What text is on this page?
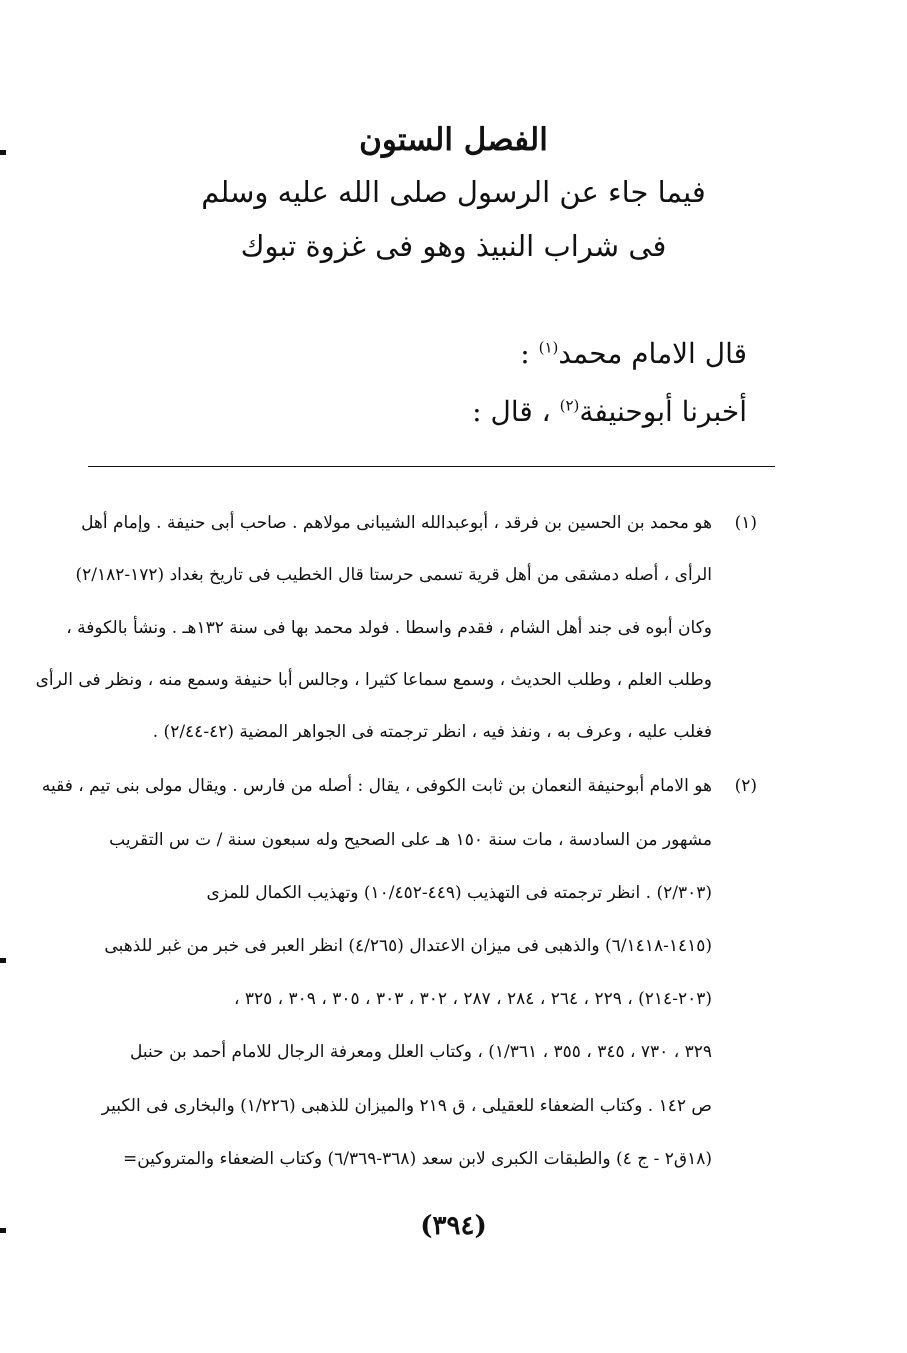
الفصل الستون
فيما جاء عن الرسول صلى الله عليه وسلم
فى شراب النبيذ وهو فى غزوة تبوك
قال الامام محمد$^{(١)}$ :
أخبرنا أبوحنيفة$^{(٢)}$ ، قال :
(١)
هو محمد بن الحسين بن فرقد ، أبوعبدالله الشيبانى مولاهم . صاحب أبى حنيفة . وإمام أهل
الرأى ، أصله دمشقى من أهل قرية تسمى حرستا قال الخطيب فى تاريخ بغداد (١٧٢-٢/١٨٢)
وكان أبوه فى جند أهل الشام ، فقدم واسطا . فولد محمد بها فى سنة ١٣٢هـ . ونشأ بالكوفة ،
وطلب العلم ، وطلب الحديث ، وسمع سماعا كثيرا ، وجالس أبا حنيفة وسمع منه ، ونظر فى الرأى
فغلب عليه ، وعرف به ، ونفذ فيه ، انظر ترجمته فى الجواهر المضية (٤٢-٢/٤٤) .
(٢)
هو الامام أبوحنيفة النعمان بن ثابت الكوفى ، يقال : أصله من فارس . ويقال مولى بنى تيم ، فقيه
مشهور من السادسة ، مات سنة ١٥٠ هـ على الصحيح وله سبعون سنة / ت س التقريب
(٢/٣٠٣) . انظر ترجمته فى التهذيب (٤٤٩-١٠/٤٥٢) وتهذيب الكمال للمزى
(١٤١٥-٦/١٤١٨) والذهبى فى ميزان الاعتدال (٤/٢٦٥) انظر العبر فى خبر من غبر للذهبى
(٢٠٣-٢١٤) ، ٢٢٩ ، ٢٦٤ ، ٢٨٤ ، ٢٨٧ ، ٣٠٢ ، ٣٠٣ ، ٣٠٥ ، ٣٠٩ ، ٣٢٥ ،
٣٢٩ ، ٧٣٠ ، ٣٤٥ ، ٣٥٥ ، ١/٣٦١) ، وكتاب العلل ومعرفة الرجال للامام أحمد بن حنبل
ص ١٤٢ . وكتاب الضعفاء للعقيلى ، ق ٢١٩ والميزان للذهبى (١/٢٢٦) والبخارى فى الكبير
(١٨ق٢ - ج ٤) والطبقات الكبرى لابن سعد (٣٦٨-٦/٣٦٩) وكتاب الضعفاء والمتروكين=
(٣٩٤)
